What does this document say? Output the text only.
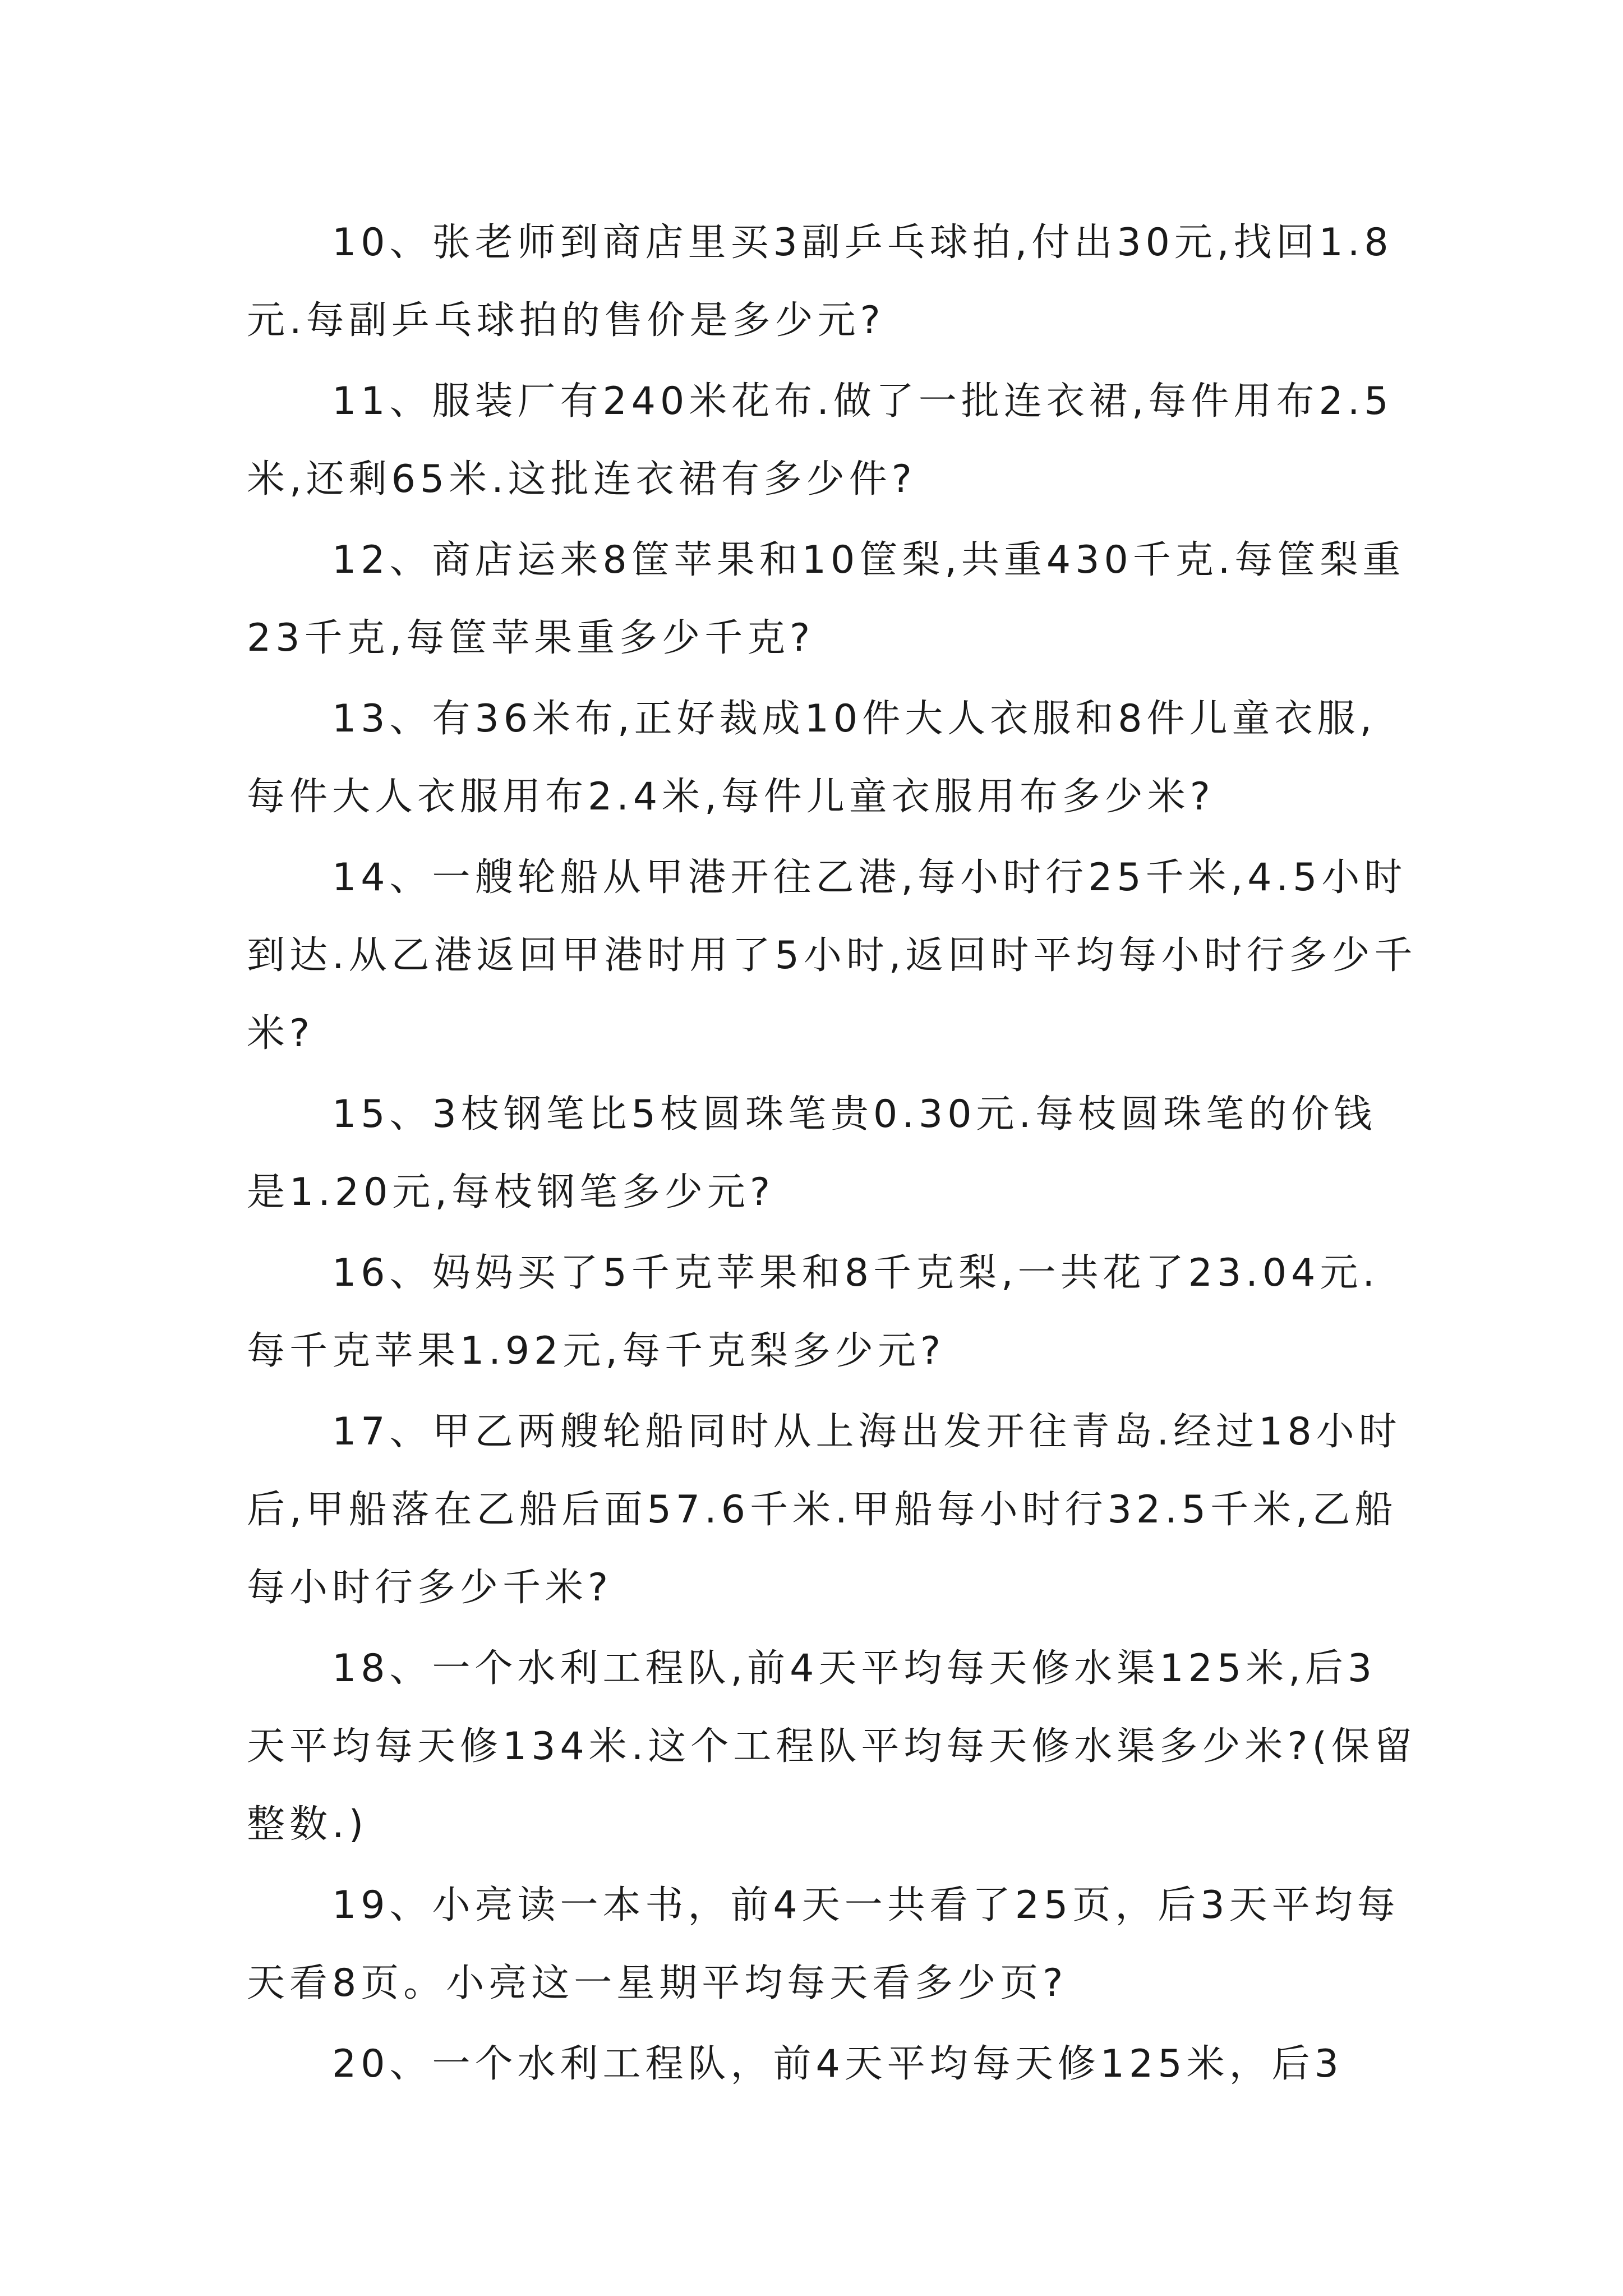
10、张老师到商店里买3副乒乓球拍,付出30元,找回1.8元.每副乒乓球拍的售价是多少元?

11、服装厂有240米花布.做了一批连衣裙,每件用布2.5米,还剩65米.这批连衣裙有多少件?

12、商店运来8筐苹果和10筐梨,共重430千克.每筐梨重23千克,每筐苹果重多少千克?

13、有36米布,正好裁成10件大人衣服和8件儿童衣服,每件大人衣服用布2.4米,每件儿童衣服用布多少米?

14、一艘轮船从甲港开往乙港,每小时行25千米,4.5小时到达.从乙港返回甲港时用了5小时,返回时平均每小时行多少千米?

15、3枝钢笔比5枝圆珠笔贵0.30元.每枝圆珠笔的价钱是1.20元,每枝钢笔多少元?

16、妈妈买了5千克苹果和8千克梨,一共花了23.04元.每千克苹果1.92元,每千克梨多少元?

17、甲乙两艘轮船同时从上海出发开往青岛.经过18小时后,甲船落在乙船后面57.6千米.甲船每小时行32.5千米,乙船每小时行多少千米?

18、一个水利工程队,前4天平均每天修水渠125米,后3天平均每天修134米.这个工程队平均每天修水渠多少米?(保留整数.)

19、小亮读一本书，前4天一共看了25页，后3天平均每天看8页。小亮这一星期平均每天看多少页?

20、一个水利工程队，前4天平均每天修125米，后3
